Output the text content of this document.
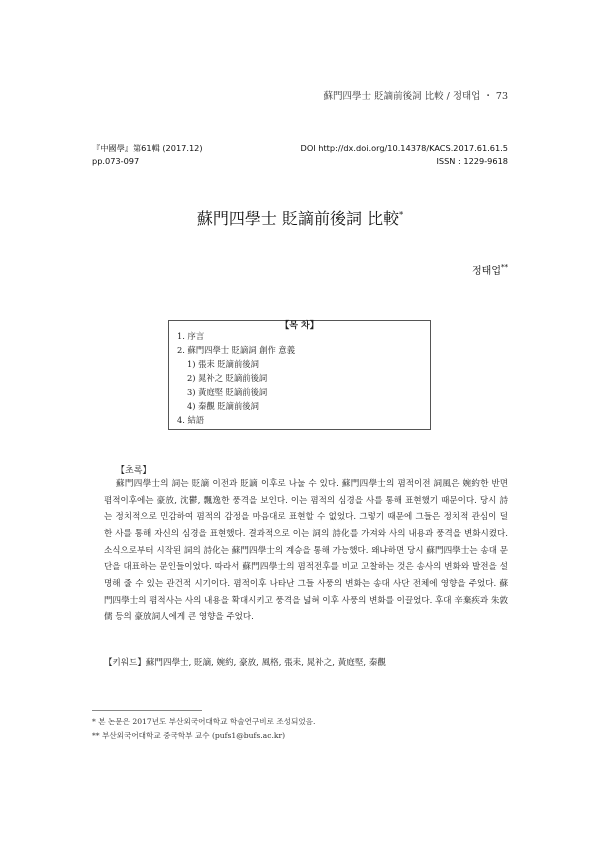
蘇門四學士 貶謫前後詞 比較 / 정태업 ・ 73
『中國學』第61輯 (2017.12)
pp.073-097
DOI http://dx.doi.org/10.14378/KACS.2017.61.61.5
ISSN : 1229-9618
蘇門四學士 貶謫前後詞 比較*
정태업**
【목 차】
1. 序言
2. 蘇門四學士 貶謫詞 創作 意義
1) 張耒 貶謫前後詞
2) 晁补之 貶謫前後詞
3) 黃庭堅 貶謫前後詞
4) 秦觀 貶謫前後詞
4. 結語
【초록】
蘇門四學士의 詞는 貶謫 이전과 貶謫 이후로 나눌 수 있다. 蘇門四學士의 폄적이전 詞風은 婉約한 반면 폄적이후에는 豪放, 沈鬱, 飄逸한 풍격을 보인다. 이는 폄적의 심경을 사를 통해 표현했기 때문이다. 당시 詩는 정치적으로 민감하여 폄적의 감정을 마음대로 표현할 수 없었다. 그렇기 때문에 그들은 정치적 관심이 덜한 사를 통해 자신의 심경을 표현했다. 결과적으로 이는 詞의 詩化를 가져와 사의 내용과 풍격을 변화시켰다. 소식으로부터 시작된 詞의 詩化는 蘇門四學士의 계승을 통해 가능했다. 왜냐하면 당시 蘇門四學士는 송대 문단을 대표하는 문인들이었다. 따라서 蘇門四學士의 폄적전후를 비교 고찰하는 것은 송사의 변화와 발전을 설명해 줄 수 있는 관건적 시기이다. 폄적이후 나타난 그들 사풍의 변화는 송대 사단 전체에 영향을 주었다. 蘇門四學士의 폄적사는 사의 내용을 확대시키고 풍격을 넓혀 이후 사풍의 변화를 이끌었다. 후대 辛棄疾과 朱敦儒 등의 豪放詞人에게 큰 영향을 주었다.
【키워드】蘇門四學士, 貶謫, 婉約, 豪放, 風格, 張耒, 晁补之, 黃庭堅, 秦觀
* 본 논문은 2017년도 부산외국어대학교 학술연구비로 조성되었음.
** 부산외국어대학교 중국학부 교수 (pufs1@bufs.ac.kr)
